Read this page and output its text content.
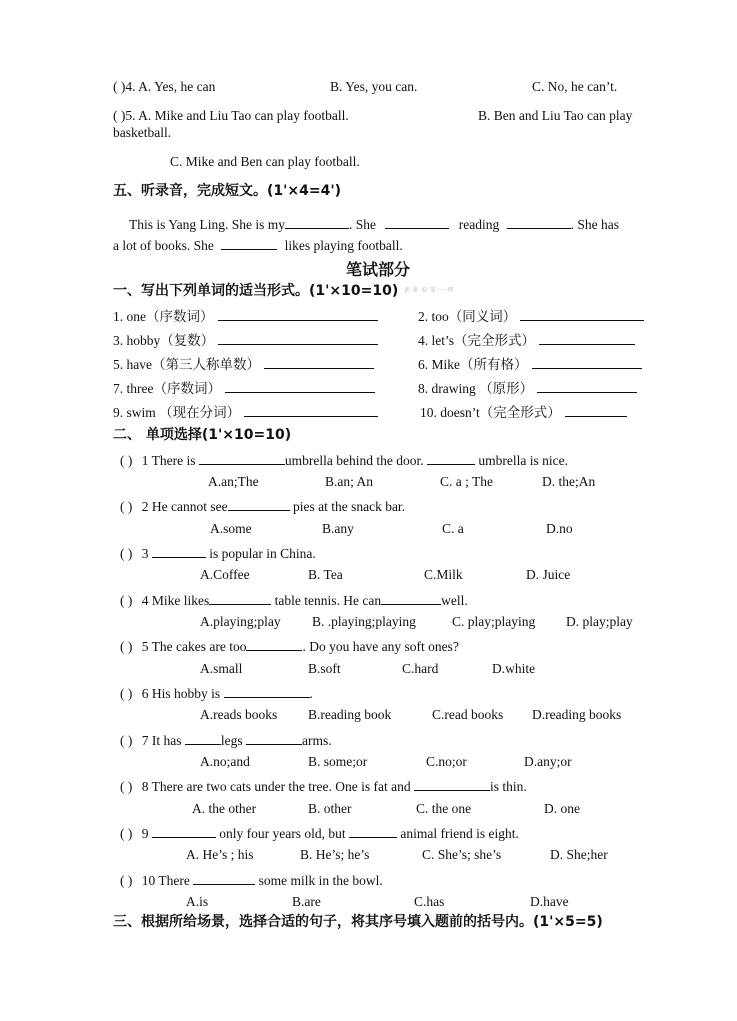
( )4. A. Yes, he can	B. Yes, you can.	C. No, he can’t.
( )5. A. Mike and Liu Tao can play football.	B. Ben and Liu Tao can play
basketball.
C. Mike and Ben can play football.
五、听录音，完成短文。(1'×4=4')
This is Yang Ling. She is my	. She	reading	. She has
a lot of books. She	likes playing football.
笔试部分
一、写出下列单词的适当形式。(1'×10=10) 新·课 ·标·第 ·一·网
1. one（序数词）	2. too（同义词）
3. hobby（复数）	4. let’s（完全形式）
5. have（第三人称单数）	6. Mike（所有格）
7. three（序数词）	8. drawing （原形）
9. swim （现在分词）	10. doesn’t（完全形式）
二、 单项选择(1'×10=10)
( ) 1 There is	umbrella behind the door.	umbrella is nice.
A.an;The	B.an; An	C. a ; The	D. the;An
( ) 2 He cannot see	pies at the snack bar.
A.some	B.any	C. a	D.no
( ) 3	is popular in China.
A.Coffee	B. Tea	C.Milk	D. Juice
( ) 4 Mike likes	table tennis. He can	well.
A.playing;play B. .playing;playing	C. play;playing D. play;play
( ) 5 The cakes are too	. Do you have any soft ones?
A.small	B.soft	C.hard	D.white
( ) 6 His hobby is	.
A.reads books B.reading book	C.read books D.reading books
( ) 7 It has	legs	arms.
A.no;and	B. some;or	C.no;or	D.any;or
( ) 8 There are two cats under the tree. One is fat and	is thin.
A. the other	B. other	C. the one	D. one
( ) 9	only four years old, but	animal friend is eight.
A. He’s ; his	B. He’s; he’s	C. She’s; she’s	D. She;her
( ) 10 There	some milk in the bowl.
A.is	B.are	C.has	D.have
三、根据所给场景，选择合适的句子，将其序号填入题前的括号内。(1'×5=5)
